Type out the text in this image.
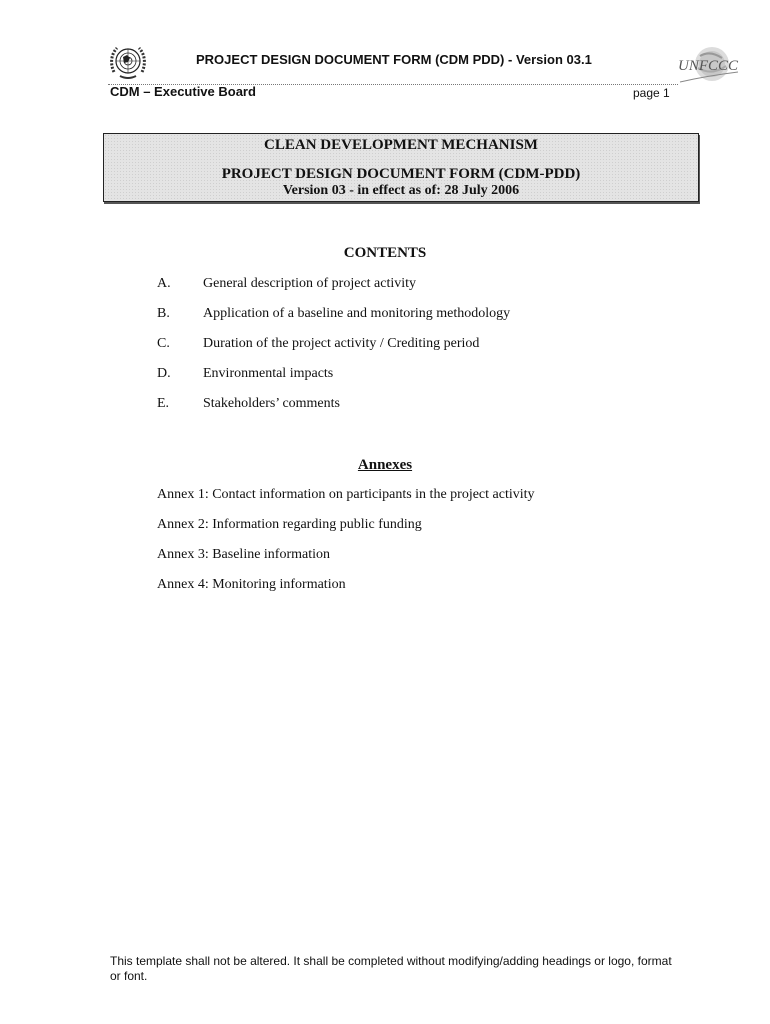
PROJECT DESIGN DOCUMENT FORM (CDM PDD) - Version 03.1	UNFCCC
CDM – Executive Board	page 1
CLEAN DEVELOPMENT MECHANISM
PROJECT DESIGN DOCUMENT FORM (CDM-PDD)
Version 03 - in effect as of: 28 July 2006
CONTENTS
A. General description of project activity
B. Application of a baseline and monitoring methodology
C. Duration of the project activity / Crediting period
D. Environmental impacts
E. Stakeholders’ comments
Annexes
Annex 1: Contact information on participants in the project activity
Annex 2: Information regarding public funding
Annex 3: Baseline information
Annex 4: Monitoring information
This template shall not be altered. It shall be completed without modifying/adding headings or logo, format or font.
